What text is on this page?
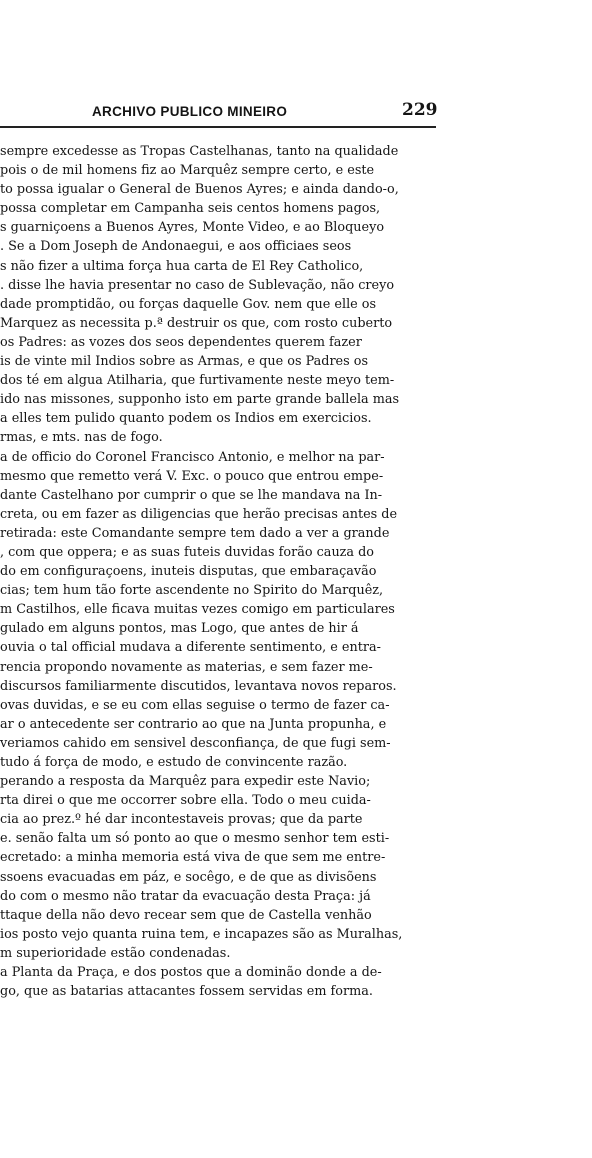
ARCHIVO PUBLICO MINEIRO	229
sempre excedesse as Tropas Castelhanas, tanto na qualidade
pois o de mil homens fiz ao Marquêz sempre certo, e este
to possa igualar o General de Buenos Ayres; e ainda dando-o,
possa completar em Campanha seis centos homens pagos,
s guarniçoens a Buenos Ayres, Monte Video, e ao Bloqueyo
. Se a Dom Joseph de Andonaegui, e aos officiaes seos
s não fizer a ultima força hua carta de El Rey Catholico,
. disse lhe havia presentar no caso de Sublevação, não creyo
dade promptidão, ou forças daquelle Gov. nem que elle os
Marquez as necessita p.ª destruir os que, com rosto cuberto
os Padres: as vozes dos seos dependentes querem fazer
is de vinte mil Indios sobre as Armas, e que os Padres os
dos té em algua Atilharia, que furtivamente neste meyo tem-
ido nas missones, supponho isto em parte grande ballela mas
a elles tem pulido quanto podem os Indios em exercicios.
rmas, e mts. nas de fogo.
a de officio do Coronel Francisco Antonio, e melhor na par-
mesmo que remetto verá V. Exc. o pouco que entrou empe-
dante Castelhano por cumprir o que se lhe mandava na In-
creta, ou em fazer as diligencias que herão precisas antes de
retirada: este Comandante sempre tem dado a ver a grande
, com que oppera; e as suas futeis duvidas forão cauza do
do em configuraçoens, inuteis disputas, que embaraçavão
cias; tem hum tão forte ascendente no Spirito do Marquêz,
m Castilhos, elle ficava muitas vezes comigo em particulares
gulado em alguns pontos, mas Logo, que antes de hir á
ouvia o tal official mudava a diferente sentimento, e entra-
rencia propondo novamente as materias, e sem fazer me-
discursos familiarmente discutidos, levantava novos reparos.
ovas duvidas, e se eu com ellas seguise o termo de fazer ca-
ar o antecedente ser contrario ao que na Junta propunha, e
veriamos cahido em sensivel desconfiança, de que fugi sem-
tudo á força de modo, e estudo de convincente razão.
perando a resposta da Marquêz para expedir este Navio;
rta direi o que me occorrer sobre ella. Todo o meu cuida-
cia ao prez.º hé dar incontestaveis provas; que da parte
e. senão falta um só ponto ao que o mesmo senhor tem esti-
ecretado: a minha memoria está viva de que sem me entre-
ssoens evacuadas em páz, e socêgo, e de que as divisõens
do com o mesmo não tratar da evacuação desta Praça: já
ttaque della não devo recear sem que de Castella venhão
ios posto vejo quanta ruina tem, e incapazes são as Muralhas,
m superioridade estão condenadas.
a Planta da Praça, e dos postos que a dominão donde a de-
go, que as batarias attacantes fossem servidas em forma.
